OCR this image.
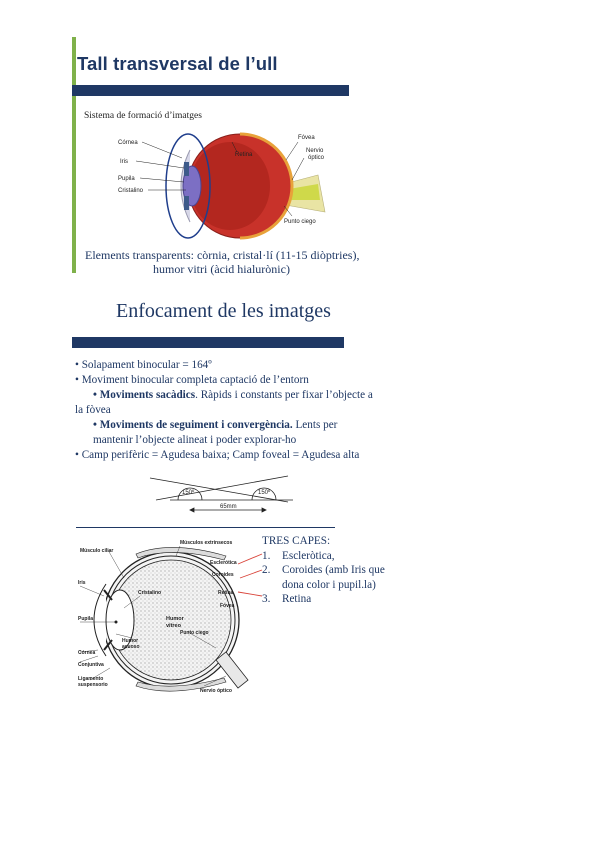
Tall transversal de l’ull
Sistema de formació d’imatges
Córnea
Iris
Pupila
Cristalino
Retina
Fóvea
Nervio
óptico
Punto ciego
Elements transparents: còrnia, cristal·lí (11-15 diòptries),
humor vitri (àcid hialurònic)
Enfocament de les imatges
• Solapament binocular = 164º
• Moviment binocular completa captació de l’entorn
• Moviments sacàdics. Ràpids i constants per fixar l’objecte a
la fòvea
• Moviments de seguiment i convergència. Lents per
mantenir l’objecte alineat i poder explorar-ho
• Camp perifèric = Agudesa baixa; Camp foveal = Agudesa alta
150º	150º
65mm
Músculos extrínsecos
Músculo ciliar
Esclerótica
Coroides
Retina
Fóvea
Iris
Cristalino
Humor
vítreo
Pupila
Punto ciego
Humor
acuoso
Córnea
Conjuntiva
Ligamento
suspensorio
Nervio óptico
TRES CAPES:
1. Escleròtica,
2. Coroides (amb Iris que dona color i pupil.la)
3. Retina
